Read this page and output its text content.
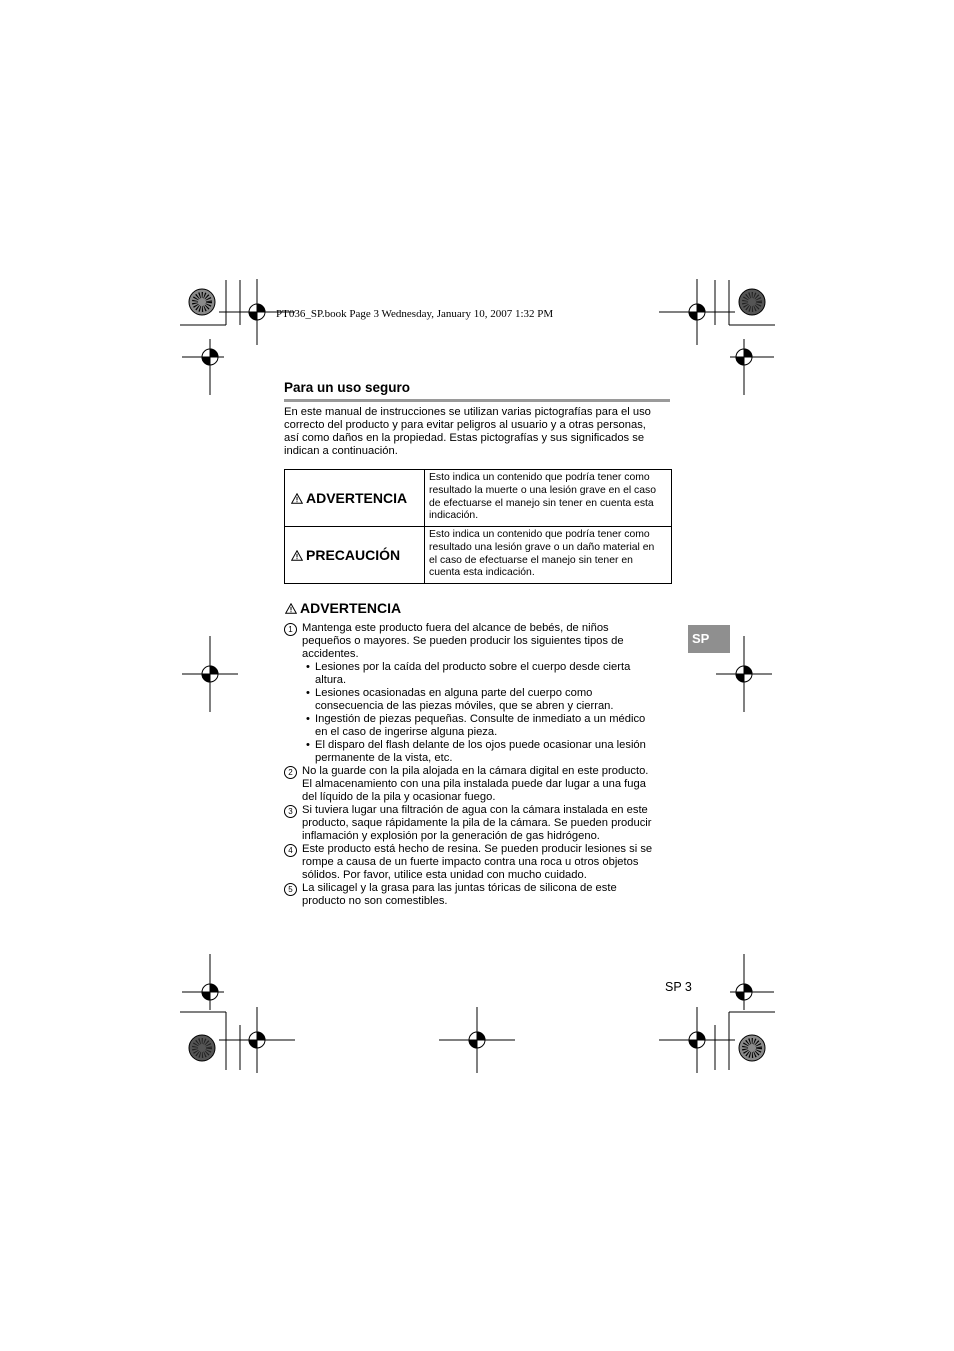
PT036_SP.book Page 3 Wednesday, January 10, 2007 1:32 PM
Para un uso seguro
En este manual de instrucciones se utilizan varias pictografías para el uso
correcto del producto y para evitar peligros al usuario y a otras personas,
así como daños en la propiedad. Estas pictografías y sus significados se
indican a continuación.
ADVERTENCIA	Esto indica un contenido que podría tener como
resultado la muerte o una lesión grave en el caso
de efectuarse el manejo sin tener en cuenta esta
indicación.

PRECAUCIÓN	Esto indica un contenido que podría tener como
resultado una lesión grave o un daño material en
el caso de efectuarse el manejo sin tener en
cuenta esta indicación.
ADVERTENCIA
1 Mantenga este producto fuera del alcance de bebés, de niños
pequeños o mayores. Se pueden producir los siguientes tipos de
accidentes.
• Lesiones por la caída del producto sobre el cuerpo desde cierta
altura.
• Lesiones ocasionadas en alguna parte del cuerpo como
consecuencia de las piezas móviles, que se abren y cierran.
• Ingestión de piezas pequeñas. Consulte de inmediato a un médico
en el caso de ingerirse alguna pieza.
• El disparo del flash delante de los ojos puede ocasionar una lesión
permanente de la vista, etc.
2 No la guarde con la pila alojada en la cámara digital en este producto.
El almacenamiento con una pila instalada puede dar lugar a una fuga
del líquido de la pila y ocasionar fuego.
3 Si tuviera lugar una filtración de agua con la cámara instalada en este
producto, saque rápidamente la pila de la cámara. Se pueden producir
inflamación y explosión por la generación de gas hidrógeno.
4 Este producto está hecho de resina. Se pueden producir lesiones si se
rompe a causa de un fuerte impacto contra una roca u otros objetos
sólidos. Por favor, utilice esta unidad con mucho cuidado.
5 La silicagel y la grasa para las juntas tóricas de silicona de este
producto no son comestibles.
SP
SP 3
